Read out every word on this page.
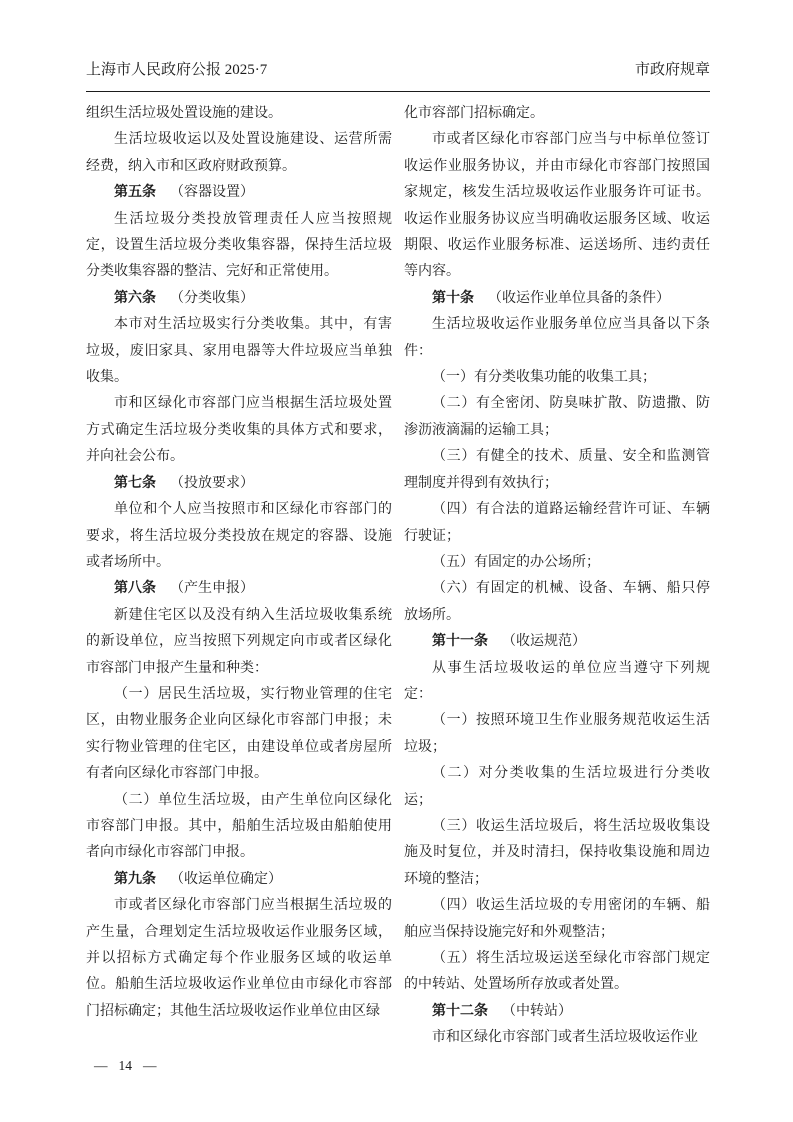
上海市人民政府公报 2025·7	市政府规章

组织生活垃圾处置设施的建设。

生活垃圾收运以及处置设施建设、运营所需经费，纳入市和区政府财政预算。

第五条 （容器设置）

生活垃圾分类投放管理责任人应当按照规定，设置生活垃圾分类收集容器，保持生活垃圾分类收集容器的整洁、完好和正常使用。

第六条 （分类收集）

本市对生活垃圾实行分类收集。其中，有害垃圾，废旧家具、家用电器等大件垃圾应当单独收集。

市和区绿化市容部门应当根据生活垃圾处置方式确定生活垃圾分类收集的具体方式和要求，并向社会公布。

第七条 （投放要求）

单位和个人应当按照市和区绿化市容部门的要求，将生活垃圾分类投放在规定的容器、设施或者场所中。

第八条 （产生申报）

新建住宅区以及没有纳入生活垃圾收集系统的新设单位，应当按照下列规定向市或者区绿化市容部门申报产生量和种类：

（一）居民生活垃圾，实行物业管理的住宅区，由物业服务企业向区绿化市容部门申报；未实行物业管理的住宅区，由建设单位或者房屋所有者向区绿化市容部门申报。

（二）单位生活垃圾，由产生单位向区绿化市容部门申报。其中，船舶生活垃圾由船舶使用者向市绿化市容部门申报。

第九条 （收运单位确定）

市或者区绿化市容部门应当根据生活垃圾的产生量，合理划定生活垃圾收运作业服务区域，并以招标方式确定每个作业服务区域的收运单位。船舶生活垃圾收运作业单位由市绿化市容部门招标确定；其他生活垃圾收运作业单位由区绿

化市容部门招标确定。

市或者区绿化市容部门应当与中标单位签订收运作业服务协议，并由市绿化市容部门按照国家规定，核发生活垃圾收运作业服务许可证书。收运作业服务协议应当明确收运服务区域、收运期限、收运作业服务标准、运送场所、违约责任等内容。

第十条 （收运作业单位具备的条件）

生活垃圾收运作业服务单位应当具备以下条件：

（一）有分类收集功能的收集工具；

（二）有全密闭、防臭味扩散、防遗撒、防渗沥液滴漏的运输工具；

（三）有健全的技术、质量、安全和监测管理制度并得到有效执行；

（四）有合法的道路运输经营许可证、车辆行驶证；

（五）有固定的办公场所；

（六）有固定的机械、设备、车辆、船只停放场所。

第十一条 （收运规范）

从事生活垃圾收运的单位应当遵守下列规定：

（一）按照环境卫生作业服务规范收运生活垃圾；

（二）对分类收集的生活垃圾进行分类收运；

（三）收运生活垃圾后，将生活垃圾收集设施及时复位，并及时清扫，保持收集设施和周边环境的整洁；

（四）收运生活垃圾的专用密闭的车辆、船舶应当保持设施完好和外观整洁；

（五）将生活垃圾运送至绿化市容部门规定的中转站、处置场所存放或者处置。

第十二条 （中转站）

市和区绿化市容部门或者生活垃圾收运作业

— 14 —
